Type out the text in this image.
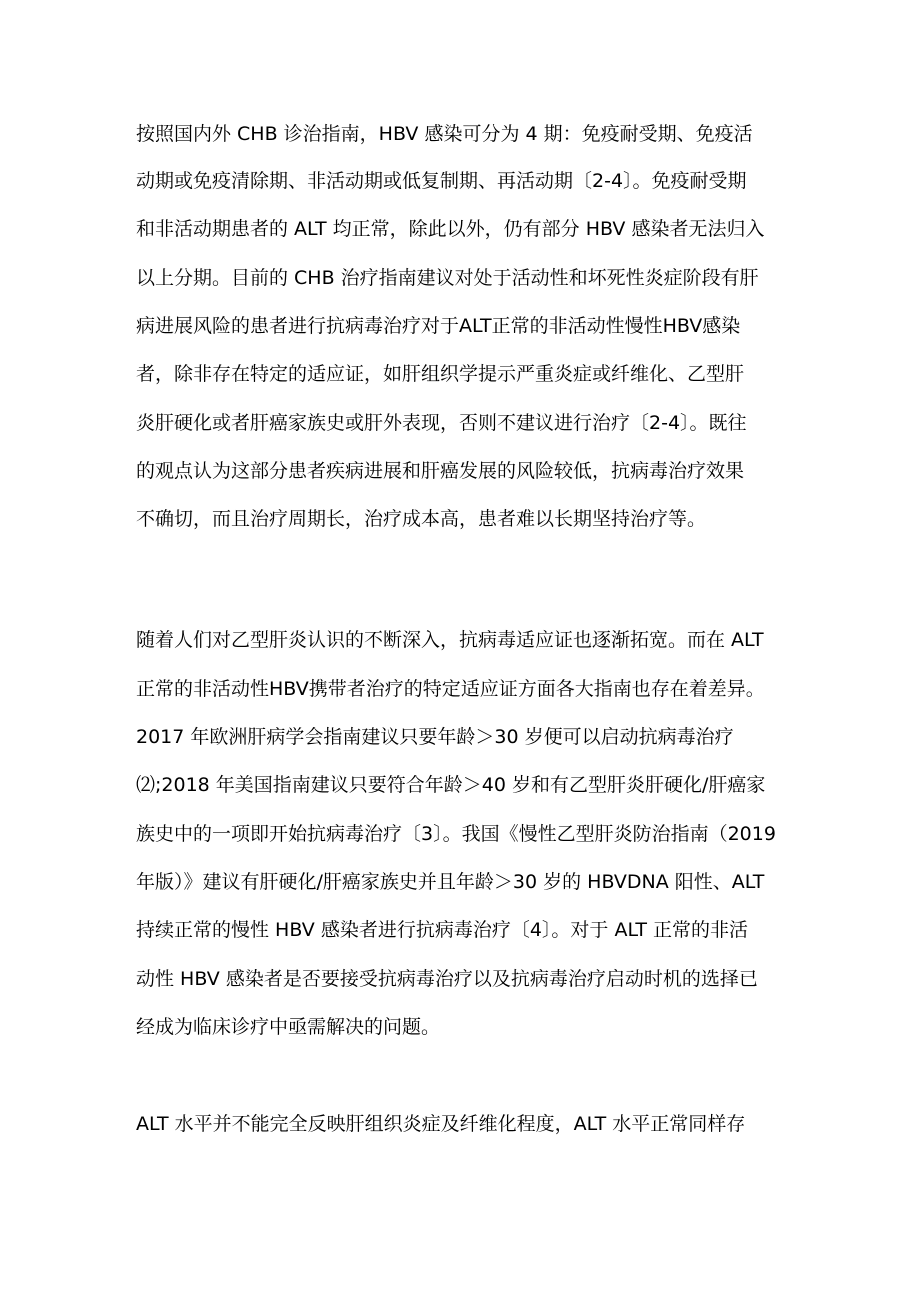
按照国内外 CHB 诊治指南，HBV 感染可分为 4 期：免疫耐受期、免疫活
动期或免疫清除期、非活动期或低复制期、再活动期〔2-4〕。免疫耐受期
和非活动期患者的 ALT 均正常，除此以外，仍有部分 HBV 感染者无法归入
以上分期。目前的 CHB 治疗指南建议对处于活动性和坏死性炎症阶段有肝
病进展风险的患者进行抗病毒治疗对于ALT正常的非活动性慢性HBV感染
者，除非存在特定的适应证，如肝组织学提示严重炎症或纤维化、乙型肝
炎肝硬化或者肝癌家族史或肝外表现，否则不建议进行治疗〔2-4〕。既往
的观点认为这部分患者疾病进展和肝癌发展的风险较低，抗病毒治疗效果
不确切，而且治疗周期长，治疗成本高，患者难以长期坚持治疗等。
随着人们对乙型肝炎认识的不断深入，抗病毒适应证也逐渐拓宽。而在 ALT
正常的非活动性HBV携带者治疗的特定适应证方面各大指南也存在着差异。
2017 年欧洲肝病学会指南建议只要年龄＞30 岁便可以启动抗病毒治疗
⑵;2018 年美国指南建议只要符合年龄＞40 岁和有乙型肝炎肝硬化/肝癌家
族史中的一项即开始抗病毒治疗〔3〕。我国《慢性乙型肝炎防治指南（2019
年版）》建议有肝硬化/肝癌家族史并且年龄＞30 岁的 HBVDNA 阳性、ALT
持续正常的慢性 HBV 感染者进行抗病毒治疗〔4〕。对于 ALT 正常的非活
动性 HBV 感染者是否要接受抗病毒治疗以及抗病毒治疗启动时机的选择已
经成为临床诊疗中亟需解决的问题。
ALT 水平并不能完全反映肝组织炎症及纤维化程度，ALT 水平正常同样存
